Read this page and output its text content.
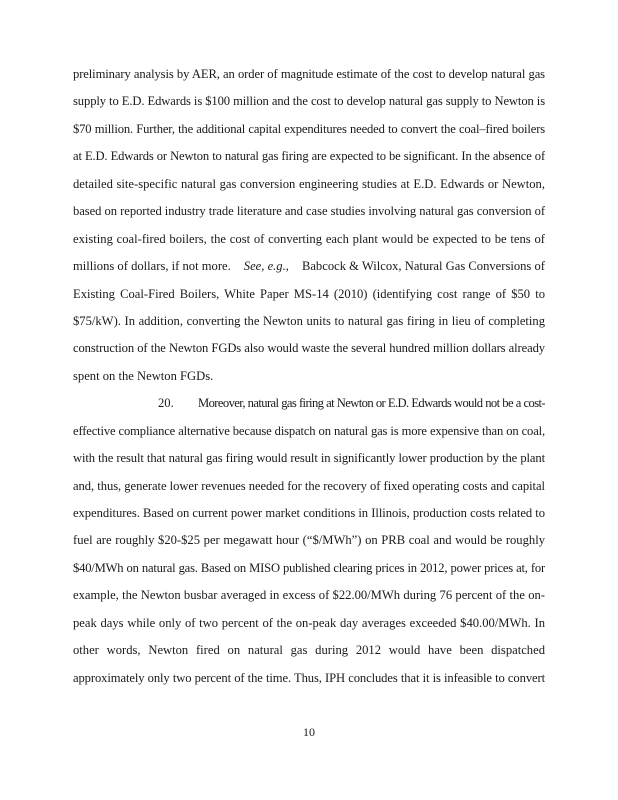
preliminary analysis by AER, an order of magnitude estimate of the cost to develop natural gas
supply to E.D. Edwards is $100 million and the cost to develop natural gas supply to Newton is
$70 million. Further, the additional capital expenditures needed to convert the coal–fired boilers
at E.D. Edwards or Newton to natural gas firing are expected to be significant. In the absence of
detailed site-specific natural gas conversion engineering studies at E.D. Edwards or Newton,
based on reported industry trade literature and case studies involving natural gas conversion of
existing coal-fired boilers, the cost of converting each plant would be expected to be tens of
millions of dollars, if not more. See, e.g., Babcock & Wilcox, Natural Gas Conversions of
Existing Coal-Fired Boilers, White Paper MS-14 (2010) (identifying cost range of $50 to
$75/kW). In addition, converting the Newton units to natural gas firing in lieu of completing
construction of the Newton FGDs also would waste the several hundred million dollars already
spent on the Newton FGDs.
20.	Moreover, natural gas firing at Newton or E.D. Edwards would not be a cost-
effective compliance alternative because dispatch on natural gas is more expensive than on coal,
with the result that natural gas firing would result in significantly lower production by the plant
and, thus, generate lower revenues needed for the recovery of fixed operating costs and capital
expenditures. Based on current power market conditions in Illinois, production costs related to
fuel are roughly $20-$25 per megawatt hour (“$/MWh”) on PRB coal and would be roughly
$40/MWh on natural gas. Based on MISO published clearing prices in 2012, power prices at, for
example, the Newton busbar averaged in excess of $22.00/MWh during 76 percent of the on-
peak days while only of two percent of the on-peak day averages exceeded $40.00/MWh. In
other words, Newton fired on natural gas during 2012 would have been dispatched
approximately only two percent of the time. Thus, IPH concludes that it is infeasible to convert
10
